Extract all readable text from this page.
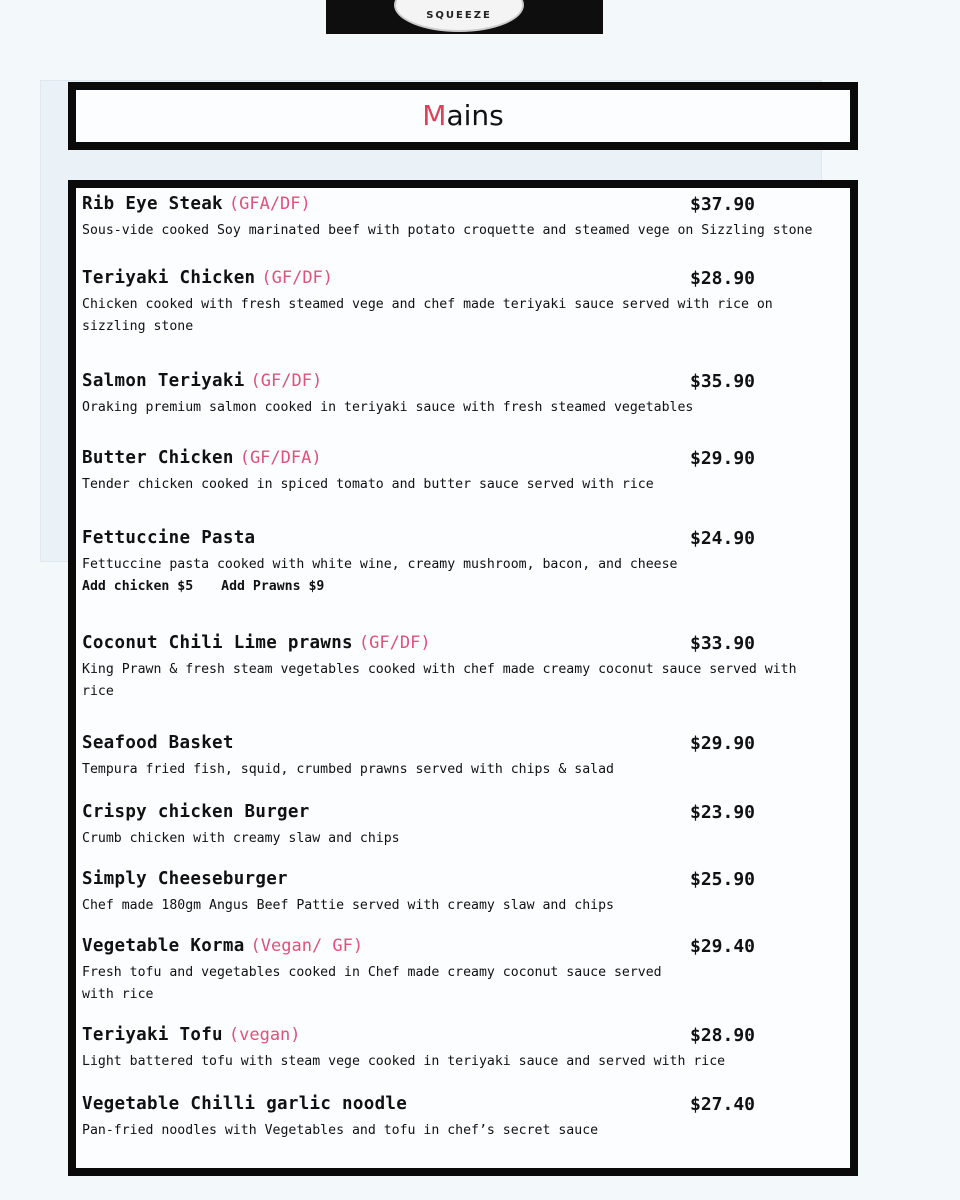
SQUEEZE
Mains
Rib Eye Steak (GFA/DF)	$37.90
Sous-vide cooked Soy marinated beef with potato croquette and steamed vege on Sizzling stone
Teriyaki Chicken (GF/DF)	$28.90
Chicken cooked with fresh steamed vege and chef made teriyaki sauce served with rice on sizzling stone
Salmon Teriyaki (GF/DF)	$35.90
Oraking premium salmon cooked in teriyaki sauce with fresh steamed vegetables
Butter Chicken (GF/DFA)	$29.90
Tender chicken cooked in spiced tomato and butter sauce served with rice
Fettuccine Pasta	$24.90
Fettuccine pasta cooked with white wine, creamy mushroom, bacon, and cheese
Add chicken $5 Add Prawns $9
Coconut Chili Lime prawns (GF/DF)	$33.90
King Prawn & fresh steam vegetables cooked with chef made creamy coconut sauce served with rice
Seafood Basket	$29.90
Tempura fried fish, squid, crumbed prawns served with chips & salad
Crispy chicken Burger	$23.90
Crumb chicken with creamy slaw and chips
Simply Cheeseburger	$25.90
Chef made 180gm Angus Beef Pattie served with creamy slaw and chips
Vegetable Korma (Vegan/ GF)	$29.40
Fresh tofu and vegetables cooked in Chef made creamy coconut sauce served with rice
Teriyaki Tofu (vegan)	$28.90
Light battered tofu with steam vege cooked in teriyaki sauce and served with rice
Vegetable Chilli garlic noodle	$27.40
Pan-fried noodles with Vegetables and tofu in chef’s secret sauce
